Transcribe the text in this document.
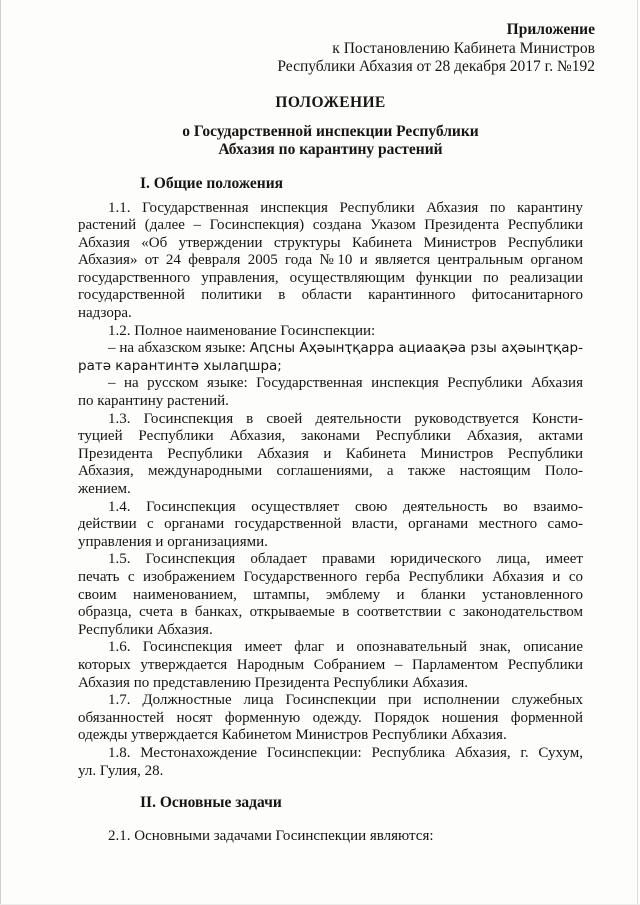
Приложение
к Постановлению Кабинета Министров
Республики Абхазия от 28 декабря 2017 г. №192
ПОЛОЖЕНИЕ
о Государственной инспекции Республики
Абхазия по карантину растений
I. Общие положения
1.1. Государственная инспекция Республики Абхазия по карантину
растений (далее – Госинспекция) создана Указом Президента Республики
Абхазия «Об утверждении структуры Кабинета Министров Республики
Абхазия» от 24 февраля 2005 года №10 и является центральным органом
государственного управления, осуществляющим функции по реализации
государственной политики в области карантинного фитосанитарного
надзора.
1.2. Полное наименование Госинспекции:
– на абхазском языке: Аԥсны Аҳәынҭқарра ациаақәа рзы аҳәынҭқар-
ратә карантинтә хылаԥшра;
– на русском языке: Государственная инспекция Республики Абхазия
по карантину растений.
1.3. Госинспекция в своей деятельности руководствуется Консти-
туцией Республики Абхазия, законами Республики Абхазия, актами
Президента Республики Абхазия и Кабинета Министров Республики
Абхазия, международными соглашениями, а также настоящим Поло-
жением.
1.4. Госинспекция осуществляет свою деятельность во взаимо-
действии с органами государственной власти, органами местного само-
управления и организациями.
1.5. Госинспекция обладает правами юридического лица, имеет
печать с изображением Государственного герба Республики Абхазия и со
своим наименованием, штампы, эмблему и бланки установленного
образца, счета в банках, открываемые в соответствии с законодательством
Республики Абхазия.
1.6. Госинспекция имеет флаг и опознавательный знак, описание
которых утверждается Народным Собранием – Парламентом Республики
Абхазия по представлению Президента Республики Абхазия.
1.7. Должностные лица Госинспекции при исполнении служебных
обязанностей носят форменную одежду. Порядок ношения форменной
одежды утверждается Кабинетом Министров Республики Абхазия.
1.8. Местонахождение Госинспекции: Республика Абхазия, г. Сухум,
ул. Гулия, 28.
II. Основные задачи
2.1. Основными задачами Госинспекции являются:
